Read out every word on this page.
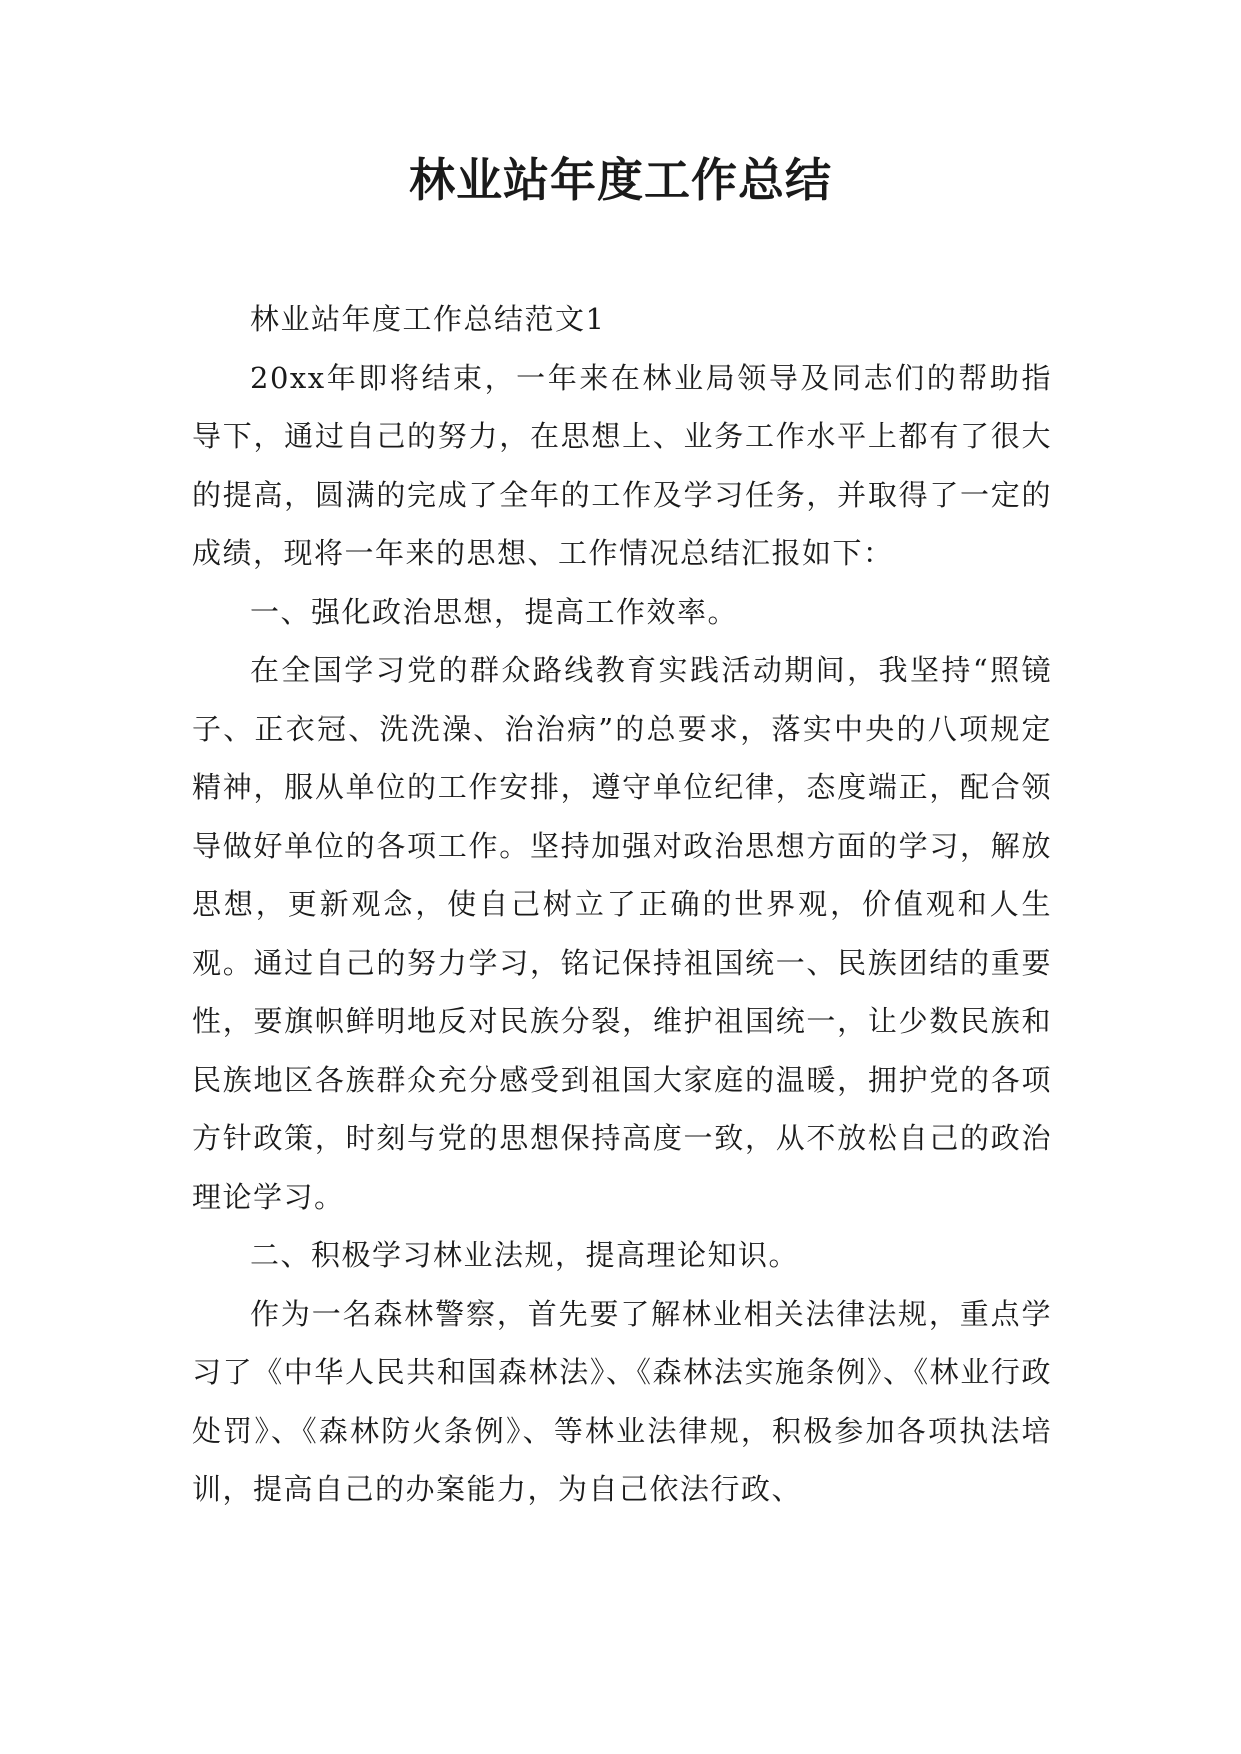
林业站年度工作总结

林业站年度工作总结范文1

20xx年即将结束，一年来在林业局领导及同志们的帮助指导下，通过自己的努力，在思想上、业务工作水平上都有了很大的提高，圆满的完成了全年的工作及学习任务，并取得了一定的成绩，现将一年来的思想、工作情况总结汇报如下：

一、强化政治思想，提高工作效率。

在全国学习党的群众路线教育实践活动期间，我坚持“照镜子、正衣冠、洗洗澡、治治病”的总要求，落实中央的八项规定精神，服从单位的工作安排，遵守单位纪律，态度端正，配合领导做好单位的各项工作。坚持加强对政治思想方面的学习，解放思想，更新观念，使自己树立了正确的世界观，价值观和人生观。通过自己的努力学习，铭记保持祖国统一、民族团结的重要性，要旗帜鲜明地反对民族分裂，维护祖国统一，让少数民族和民族地区各族群众充分感受到祖国大家庭的温暖，拥护党的各项方针政策，时刻与党的思想保持高度一致，从不放松自己的政治理论学习。

二、积极学习林业法规，提高理论知识。

作为一名森林警察，首先要了解林业相关法律法规，重点学习了《中华人民共和国森林法》、《森林法实施条例》、《林业行政处罚》、《森林防火条例》、等林业法律规，积极参加各项执法培训，提高自己的办案能力，为自己依法行政、
